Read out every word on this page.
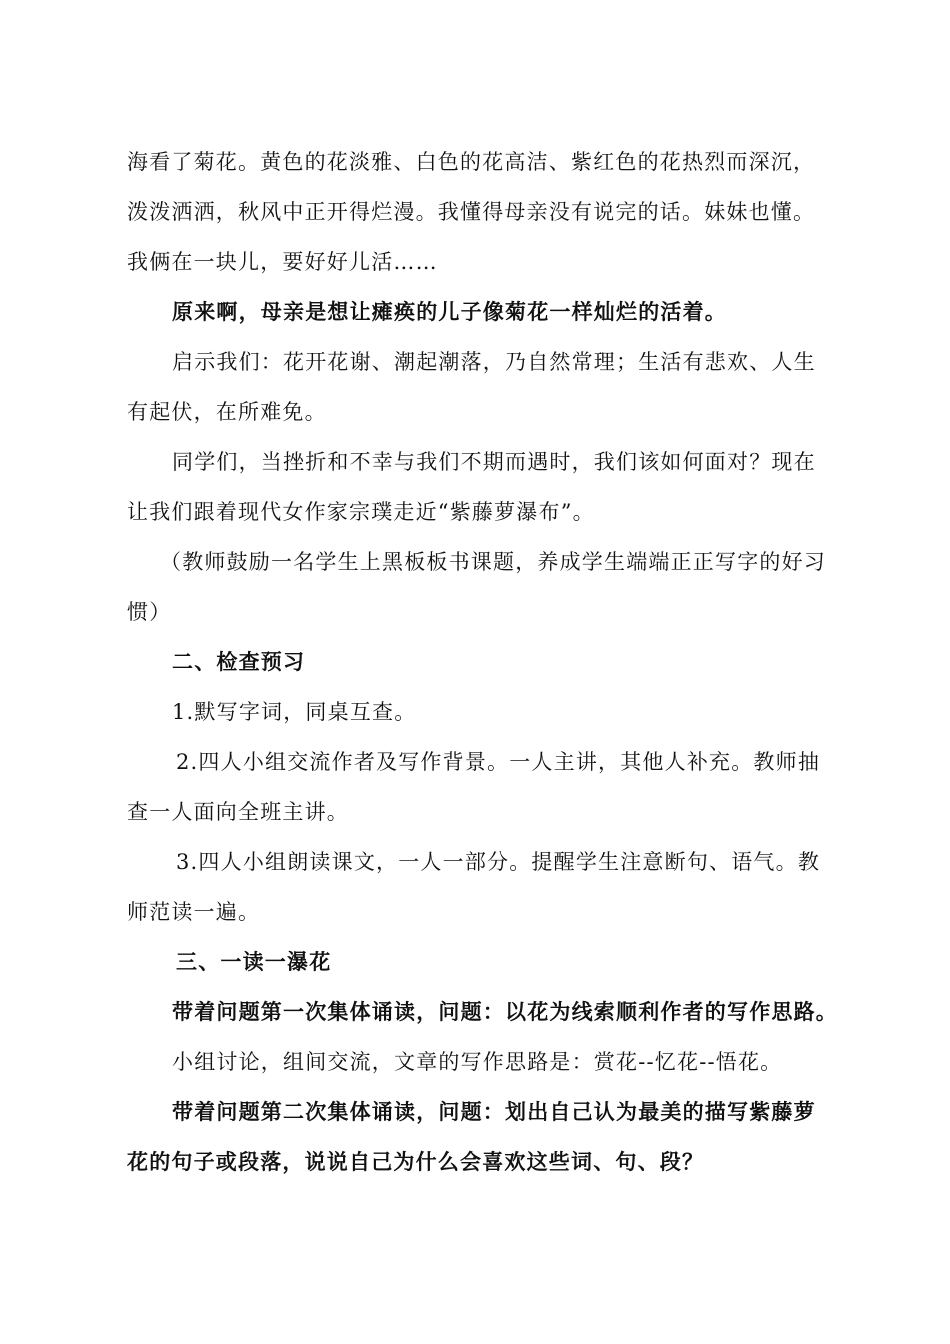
海看了菊花。黄色的花淡雅、白色的花高洁、紫红色的花热烈而深沉，
泼泼洒洒，秋风中正开得烂漫。我懂得母亲没有说完的话。妹妹也懂。
我俩在一块儿，要好好儿活……
原来啊，母亲是想让瘫痪的儿子像菊花一样灿烂的活着。
启示我们：花开花谢、潮起潮落，乃自然常理；生活有悲欢、人生
有起伏，在所难免。
同学们，当挫折和不幸与我们不期而遇时，我们该如何面对？现在
让我们跟着现代女作家宗璞走近“紫藤萝瀑布”。
（教师鼓励一名学生上黑板板书课题，养成学生端端正正写字的好习
惯）
二、检查预习
1.默写字词，同桌互查。
2.四人小组交流作者及写作背景。一人主讲，其他人补充。教师抽
查一人面向全班主讲。
3.四人小组朗读课文，一人一部分。提醒学生注意断句、语气。教
师范读一遍。
三、一读一瀑花
带着问题第一次集体诵读，问题：以花为线索顺利作者的写作思路。
小组讨论，组间交流，文章的写作思路是：赏花--忆花--悟花。
带着问题第二次集体诵读，问题：划出自己认为最美的描写紫藤萝
花的句子或段落，说说自己为什么会喜欢这些词、句、段？
